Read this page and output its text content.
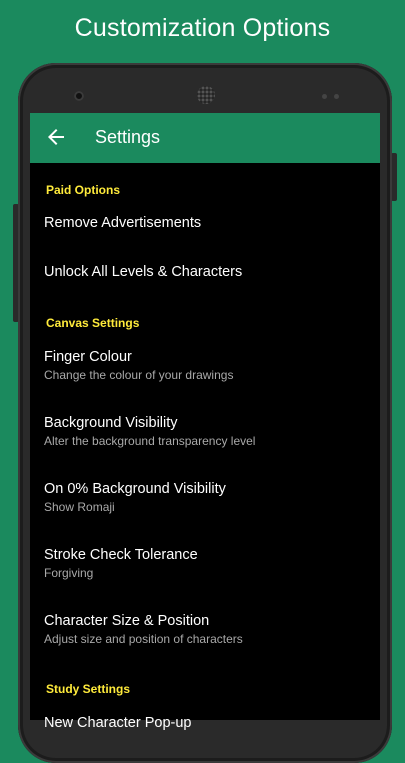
Customization Options
Settings
Paid Options
Remove Advertisements
Unlock All Levels & Characters
Canvas Settings
Finger Colour
Change the colour of your drawings
Background Visibility
Alter the background transparency level
On 0% Background Visibility
Show Romaji
Stroke Check Tolerance
Forgiving
Character Size & Position
Adjust size and position of characters
Study Settings
New Character Pop-up
